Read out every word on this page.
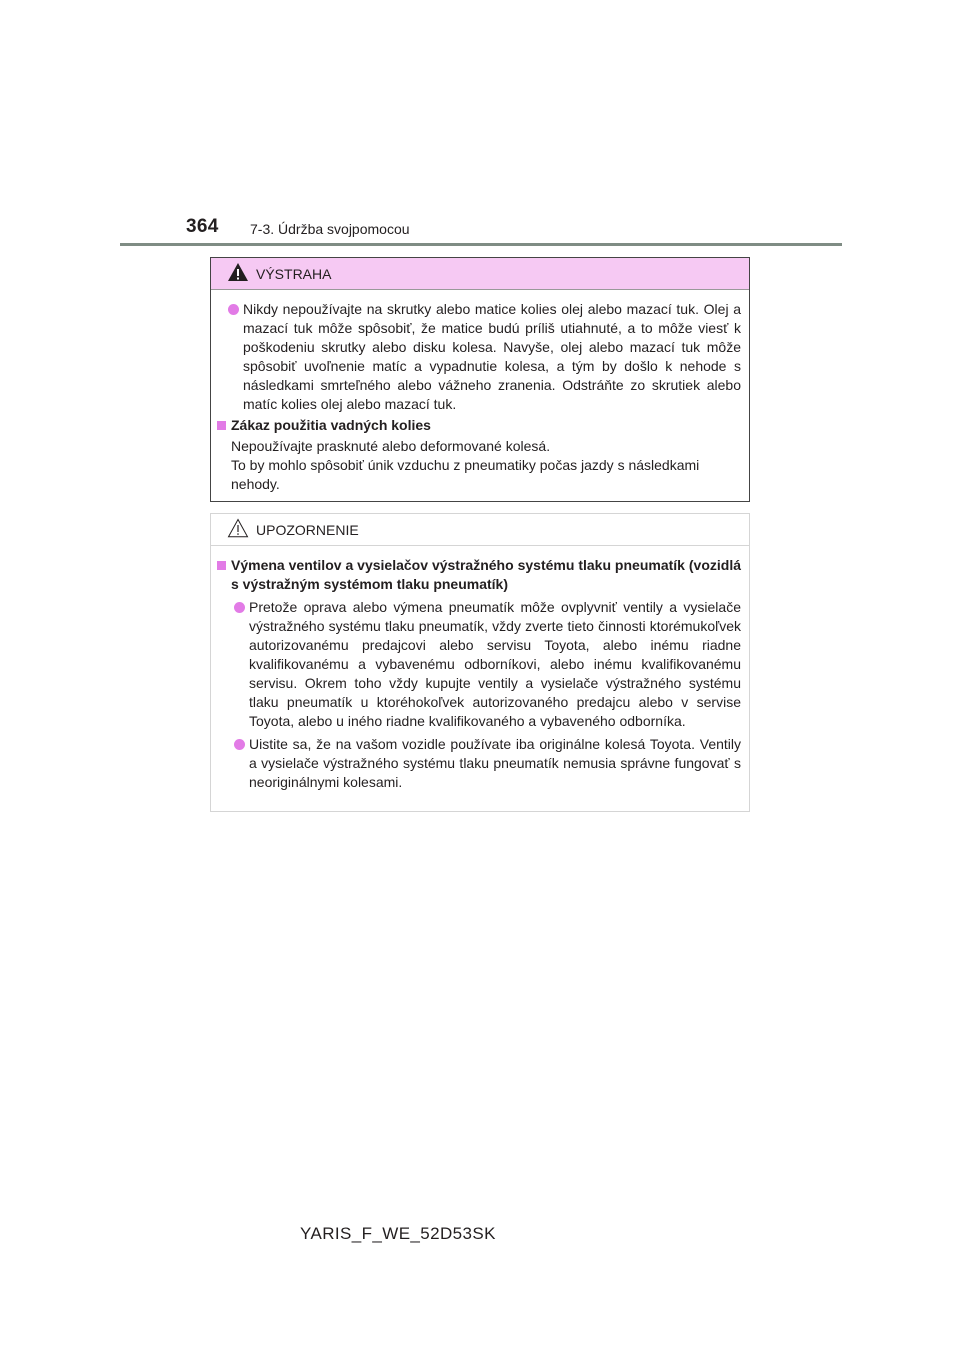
364 7-3. Údržba svojpomocou
VÝSTRAHA
Nikdy nepoužívajte na skrutky alebo matice kolies olej alebo mazací tuk. Olej a mazací tuk môže spôsobiť, že matice budú príliš utiahnuté, a to môže viesť k poškodeniu skrutky alebo disku kolesa. Navyše, olej alebo mazací tuk môže spôsobiť uvoľnenie matíc a vypadnutie kolesa, a tým by došlo k nehode s následkami smrteľného alebo vážneho zranenia. Odstráňte zo skrutiek alebo matíc kolies olej alebo mazací tuk.
Zákaz použitia vadných kolies
Nepoužívajte prasknuté alebo deformované kolesá.
To by mohlo spôsobiť únik vzduchu z pneumatiky počas jazdy s následkami nehody.
UPOZORNENIE
Výmena ventilov a vysielačov výstražného systému tlaku pneumatík (vozidlá s výstražným systémom tlaku pneumatík)
Pretože oprava alebo výmena pneumatík môže ovplyvniť ventily a vysielače výstražného systému tlaku pneumatík, vždy zverte tieto činnosti ktorémukoľvek autorizovanému predajcovi alebo servisu Toyota, alebo inému riadne kvalifikovanému a vybavenému odborníkovi, alebo inému kvalifikovanému servisu. Okrem toho vždy kupujte ventily a vysielače výstražného systému tlaku pneumatík u ktoréhokoľvek autorizovaného predajcu alebo v servise Toyota, alebo u iného riadne kvalifikovaného a vybaveného odborníka.
Uistite sa, že na vašom vozidle používate iba originálne kolesá Toyota. Ventily a vysielače výstražného systému tlaku pneumatík nemusia správne fungovať s neoriginálnymi kolesami.
YARIS_F_WE_52D53SK
